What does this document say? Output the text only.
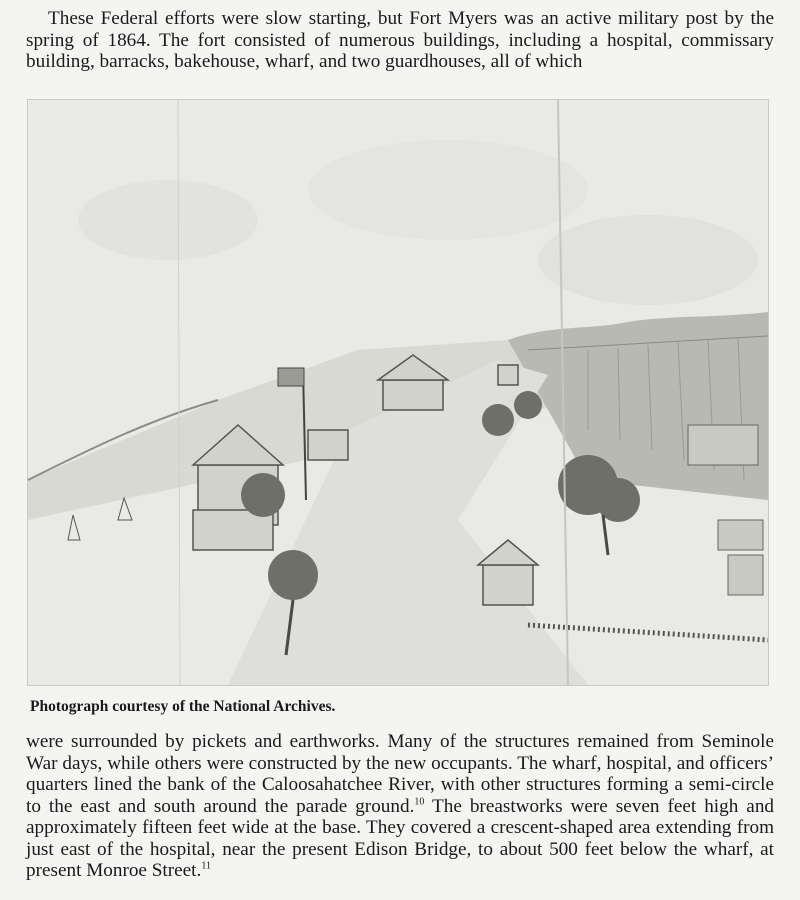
These Federal efforts were slow starting, but Fort Myers was an active military post by the spring of 1864. The fort consisted of numerous buildings, including a hospital, commissary building, barracks, bakehouse, wharf, and two guardhouses, all of which

Photograph courtesy of the National Archives.

were surrounded by pickets and earthworks. Many of the structures remained from Seminole War days, while others were constructed by the new occupants. The wharf, hospital, and officers’ quarters lined the bank of the Caloosahatchee River, with other structures forming a semi-circle to the east and south around the parade ground.$^{10}$ The breastworks were seven feet high and approximately fifteen feet wide at the base. They covered a crescent-shaped area extending from just east of the hospital, near the present Edison Bridge, to about 500 feet below the wharf, at present Monroe Street.$^{11}$
